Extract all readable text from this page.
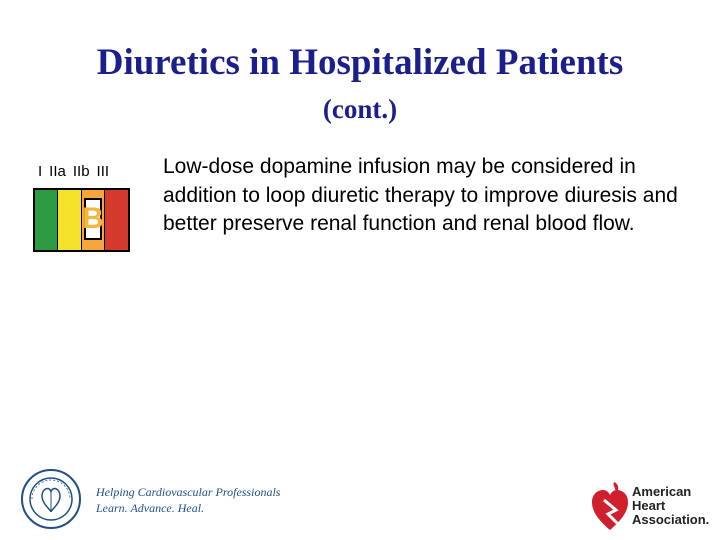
Diuretics in Hospitalized Patients
(cont.)
I IIa IIb III
B
Low-dose dopamine infusion may be considered in addition to loop diuretic therapy to improve diuresis and better preserve renal function and renal blood flow.
Helping Cardiovascular Professionals
Learn. Advance. Heal.
American
Heart
Association.
